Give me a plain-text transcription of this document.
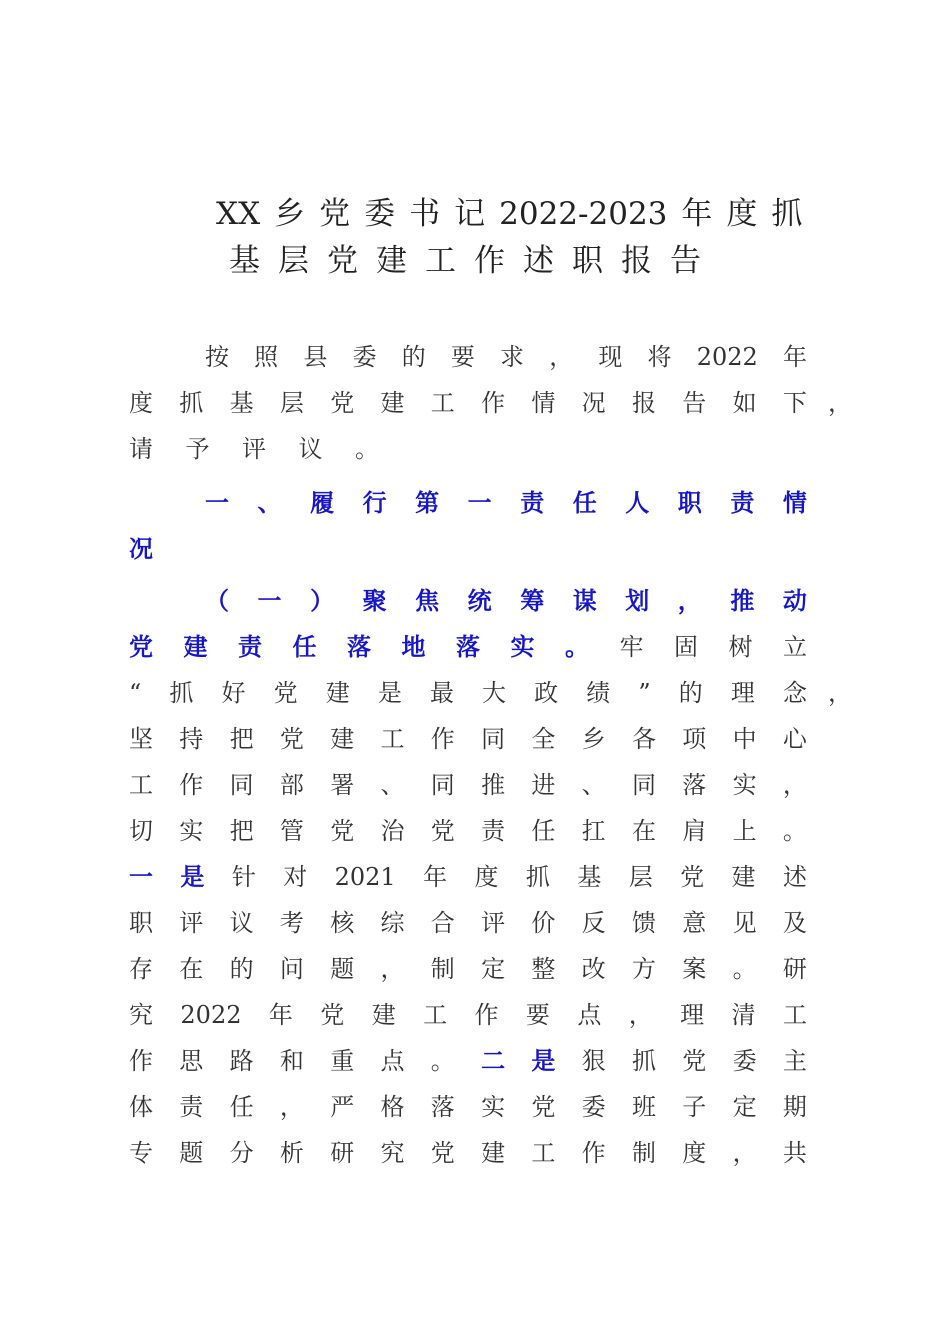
XX 乡 党 委 书 记 2022-2023 年 度 抓
基 层 党 建 工 作 述 职 报 告
按 照 县 委 的 要 求 ， 现 将 2022 年
度 抓 基 层 党 建 工 作 情 况 报 告 如 下 ，
请 予 评 议 。
一 、 履 行 第 一 责 任 人 职 责 情
况
（ 一 ） 聚 焦 统 筹 谋 划 ， 推 动
党 建 责 任 落 地 落 实 。 牢 固 树 立
“ 抓 好 党 建 是 最 大 政 绩 ” 的 理 念 ，
坚 持 把 党 建 工 作 同 全 乡 各 项 中 心
工 作 同 部 署 、 同 推 进 、 同 落 实 ，
切 实 把 管 党 治 党 责 任 扛 在 肩 上 。
一 是 针 对 2021 年 度 抓 基 层 党 建 述
职 评 议 考 核 综 合 评 价 反 馈 意 见 及
存 在 的 问 题 ， 制 定 整 改 方 案 。 研
究 2022 年 党 建 工 作 要 点 ， 理 清 工
作 思 路 和 重 点 。 二 是 狠 抓 党 委 主
体 责 任 ， 严 格 落 实 党 委 班 子 定 期
专 题 分 析 研 究 党 建 工 作 制 度 ， 共
